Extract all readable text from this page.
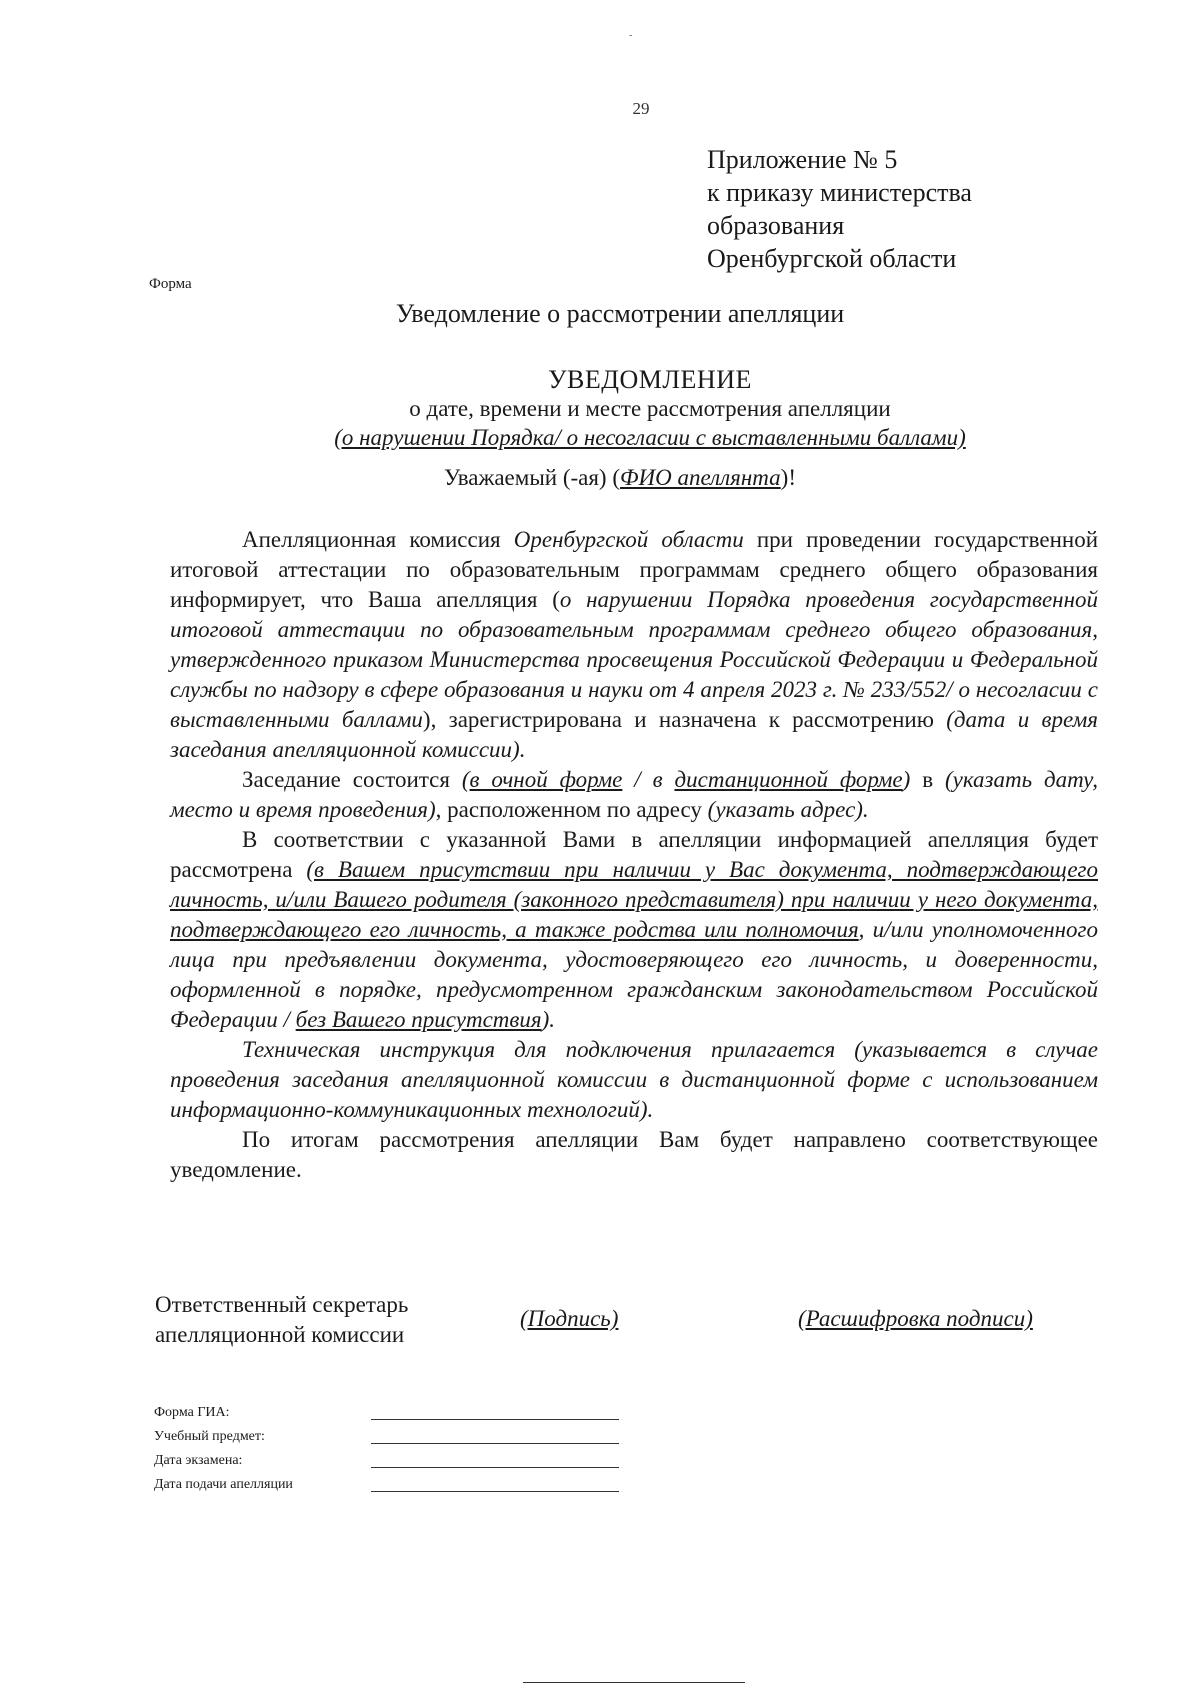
-
29
Приложение № 5
к приказу министерства
образования
Оренбургской области
Форма
Уведомление о рассмотрении апелляции
УВЕДОМЛЕНИЕ
о дате, времени и месте рассмотрения апелляции
(о нарушении Порядка/ о несогласии с выставленными баллами)
Уважаемый (-ая) (ФИО апеллянта)!

Апелляционная комиссия Оренбургской области при проведении государственной итоговой аттестации по образовательным программам среднего общего образования информирует, что Ваша апелляция (о нарушении Порядка проведения государственной итоговой аттестации по образовательным программам среднего общего образования, утвержденного приказом Министерства просвещения Российской Федерации и Федеральной службы по надзору в сфере образования и науки от 4 апреля 2023 г. № 233/552/ о несогласии с выставленными баллами), зарегистрирована и назначена к рассмотрению (дата и время заседания апелляционной комиссии).

Заседание состоится (в очной форме / в дистанционной форме) в (указать дату, место и время проведения), расположенном по адресу (указать адрес).

В соответствии с указанной Вами в апелляции информацией апелляция будет рассмотрена (в Вашем присутствии при наличии у Вас документа, подтверждающего личность, и/или Вашего родителя (законного представителя) при наличии у него документа, подтверждающего его личность, а также родства или полномочия, и/или уполномоченного лица при предъявлении документа, удостоверяющего его личность, и доверенности, оформленной в порядке, предусмотренном гражданским законодательством Российской Федерации / без Вашего присутствия).

Техническая инструкция для подключения прилагается (указывается в случае проведения заседания апелляционной комиссии в дистанционной форме с использованием информационно-коммуникационных технологий).

По итогам рассмотрения апелляции Вам будет направлено соответствующее уведомление.

Ответственный секретарь
апелляционной комиссии
(Подпись)	(Расшифровка подписи)
Форма ГИА:
Учебный предмет:
Дата экзамена:
Дата подачи апелляции
